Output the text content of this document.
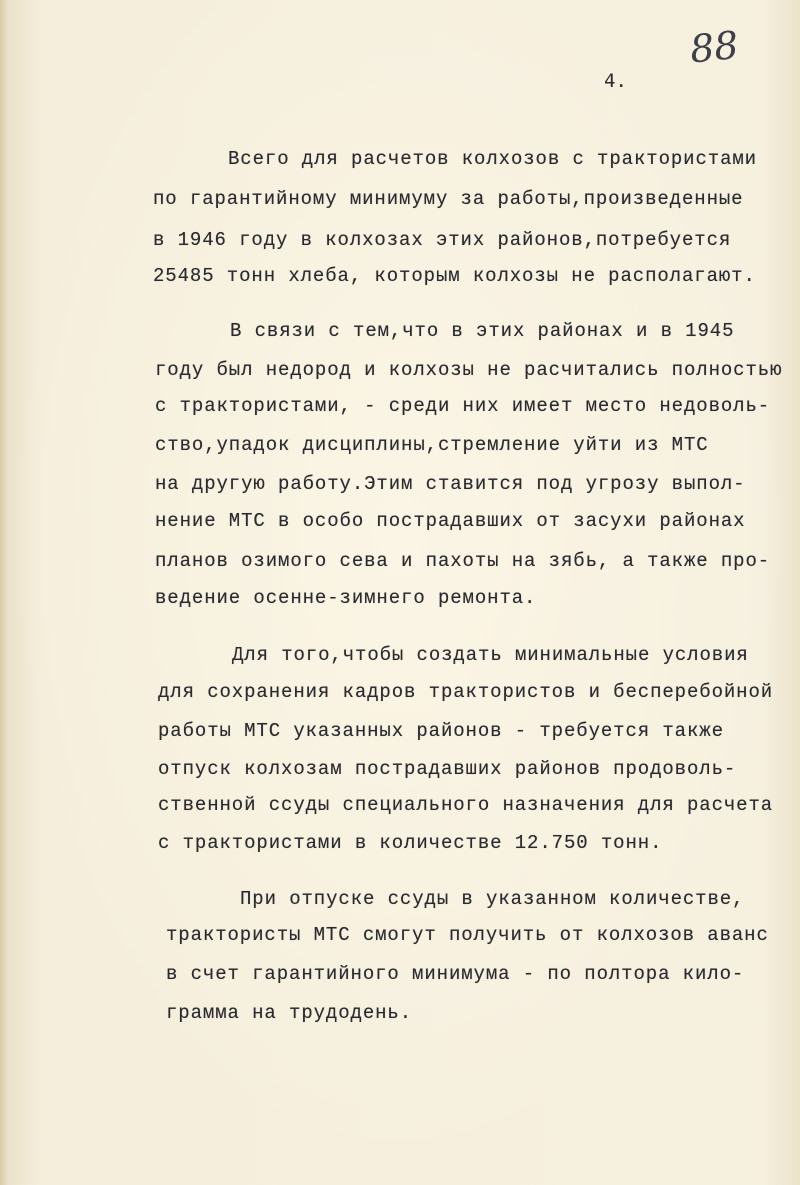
88
4.
Всего для расчетов колхозов с трактористами
по гарантийному минимуму за работы,произведенные
в 1946 году в колхозах этих районов,потребуется
25485 тонн хлеба, которым колхозы не располагают.
В связи с тем,что в этих районах и в 1945
году был недород и колхозы не расчитались полностью
с трактористами, - среди них имеет место недоволь-
ство,упадок дисциплины,стремление уйти из МТС
на другую работу.Этим ставится под угрозу выпол-
нение МТС в особо пострадавших от засухи районах
планов озимого сева и пахоты на зябь, а также про-
ведение осенне-зимнего ремонта.
Для того,чтобы создать минимальные условия
для сохранения кадров трактористов и бесперебойной
работы МТС указанных районов - требуется также
отпуск колхозам пострадавших районов продоволь-
ственной ссуды специального назначения для расчета
с трактористами в количестве 12.750 тонн.
При отпуске ссуды в указанном количестве,
трактористы МТС смогут получить от колхозов аванс
в счет гарантийного минимума - по полтора кило-
грамма на трудодень.
